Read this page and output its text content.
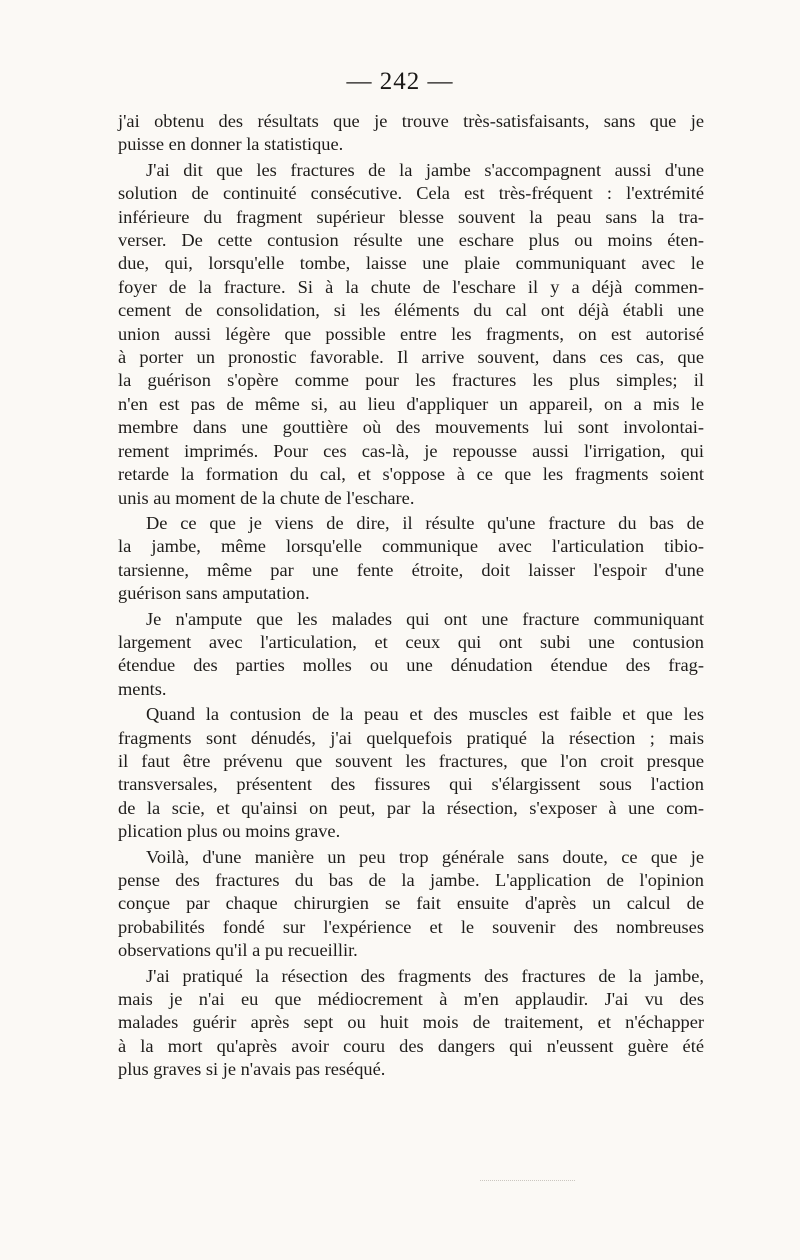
— 242 —
j'ai obtenu des résultats que je trouve très-satisfaisants, sans que je
puisse en donner la statistique.
J'ai dit que les fractures de la jambe s'accompagnent aussi d'une
solution de continuité consécutive. Cela est très-fréquent : l'extrémité
inférieure du fragment supérieur blesse souvent la peau sans la tra-
verser. De cette contusion résulte une eschare plus ou moins éten-
due, qui, lorsqu'elle tombe, laisse une plaie communiquant avec le
foyer de la fracture. Si à la chute de l'eschare il y a déjà commen-
cement de consolidation, si les éléments du cal ont déjà établi une
union aussi légère que possible entre les fragments, on est autorisé
à porter un pronostic favorable. Il arrive souvent, dans ces cas, que
la guérison s'opère comme pour les fractures les plus simples; il
n'en est pas de même si, au lieu d'appliquer un appareil, on a mis le
membre dans une gouttière où des mouvements lui sont involontai-
rement imprimés. Pour ces cas-là, je repousse aussi l'irrigation, qui
retarde la formation du cal, et s'oppose à ce que les fragments soient
unis au moment de la chute de l'eschare.
De ce que je viens de dire, il résulte qu'une fracture du bas de
la jambe, même lorsqu'elle communique avec l'articulation tibio-
tarsienne, même par une fente étroite, doit laisser l'espoir d'une
guérison sans amputation.
Je n'ampute que les malades qui ont une fracture communiquant
largement avec l'articulation, et ceux qui ont subi une contusion
étendue des parties molles ou une dénudation étendue des frag-
ments.
Quand la contusion de la peau et des muscles est faible et que les
fragments sont dénudés, j'ai quelquefois pratiqué la résection ; mais
il faut être prévenu que souvent les fractures, que l'on croit presque
transversales, présentent des fissures qui s'élargissent sous l'action
de la scie, et qu'ainsi on peut, par la résection, s'exposer à une com-
plication plus ou moins grave.
Voilà, d'une manière un peu trop générale sans doute, ce que je
pense des fractures du bas de la jambe. L'application de l'opinion
conçue par chaque chirurgien se fait ensuite d'après un calcul de
probabilités fondé sur l'expérience et le souvenir des nombreuses
observations qu'il a pu recueillir.
J'ai pratiqué la résection des fragments des fractures de la jambe,
mais je n'ai eu que médiocrement à m'en applaudir. J'ai vu des
malades guérir après sept ou huit mois de traitement, et n'échapper
à la mort qu'après avoir couru des dangers qui n'eussent guère été
plus graves si je n'avais pas reséqué.
